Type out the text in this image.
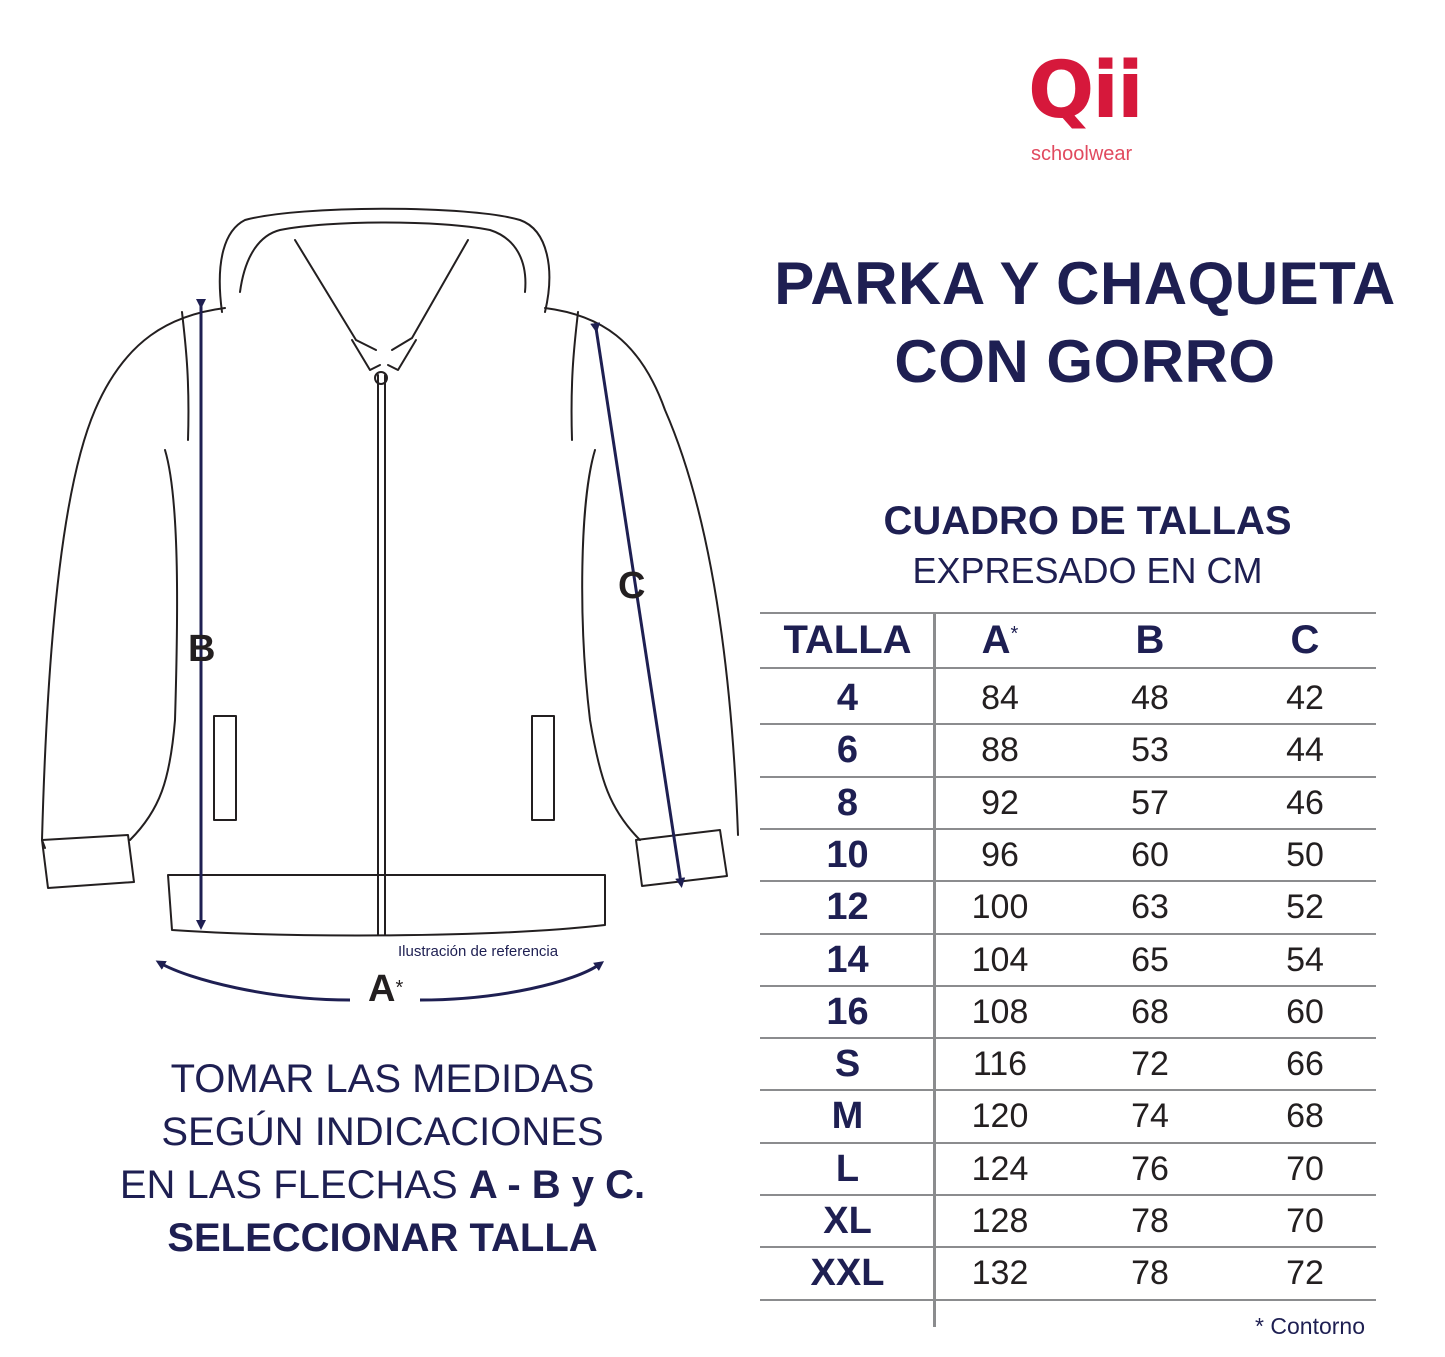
Qii
schoolwear
PARKA Y CHAQUETA
CON GORRO
CUADRO DE TALLAS
EXPRESADO EN CM
TALLA	A*	B	C
4	84	48	42
6	88	53	44
8	92	57	46
10	96	60	50
12	100	63	52
14	104	65	54
16	108	68	60
S	116	72	66
M	120	74	68
L	124	76	70
XL	128	78	70
XXL	132	78	72
* Contorno
Ilustración de referencia
B
C
A*
TOMAR LAS MEDIDAS
SEGÚN INDICACIONES
EN LAS FLECHAS A - B y C.
SELECCIONAR TALLA
